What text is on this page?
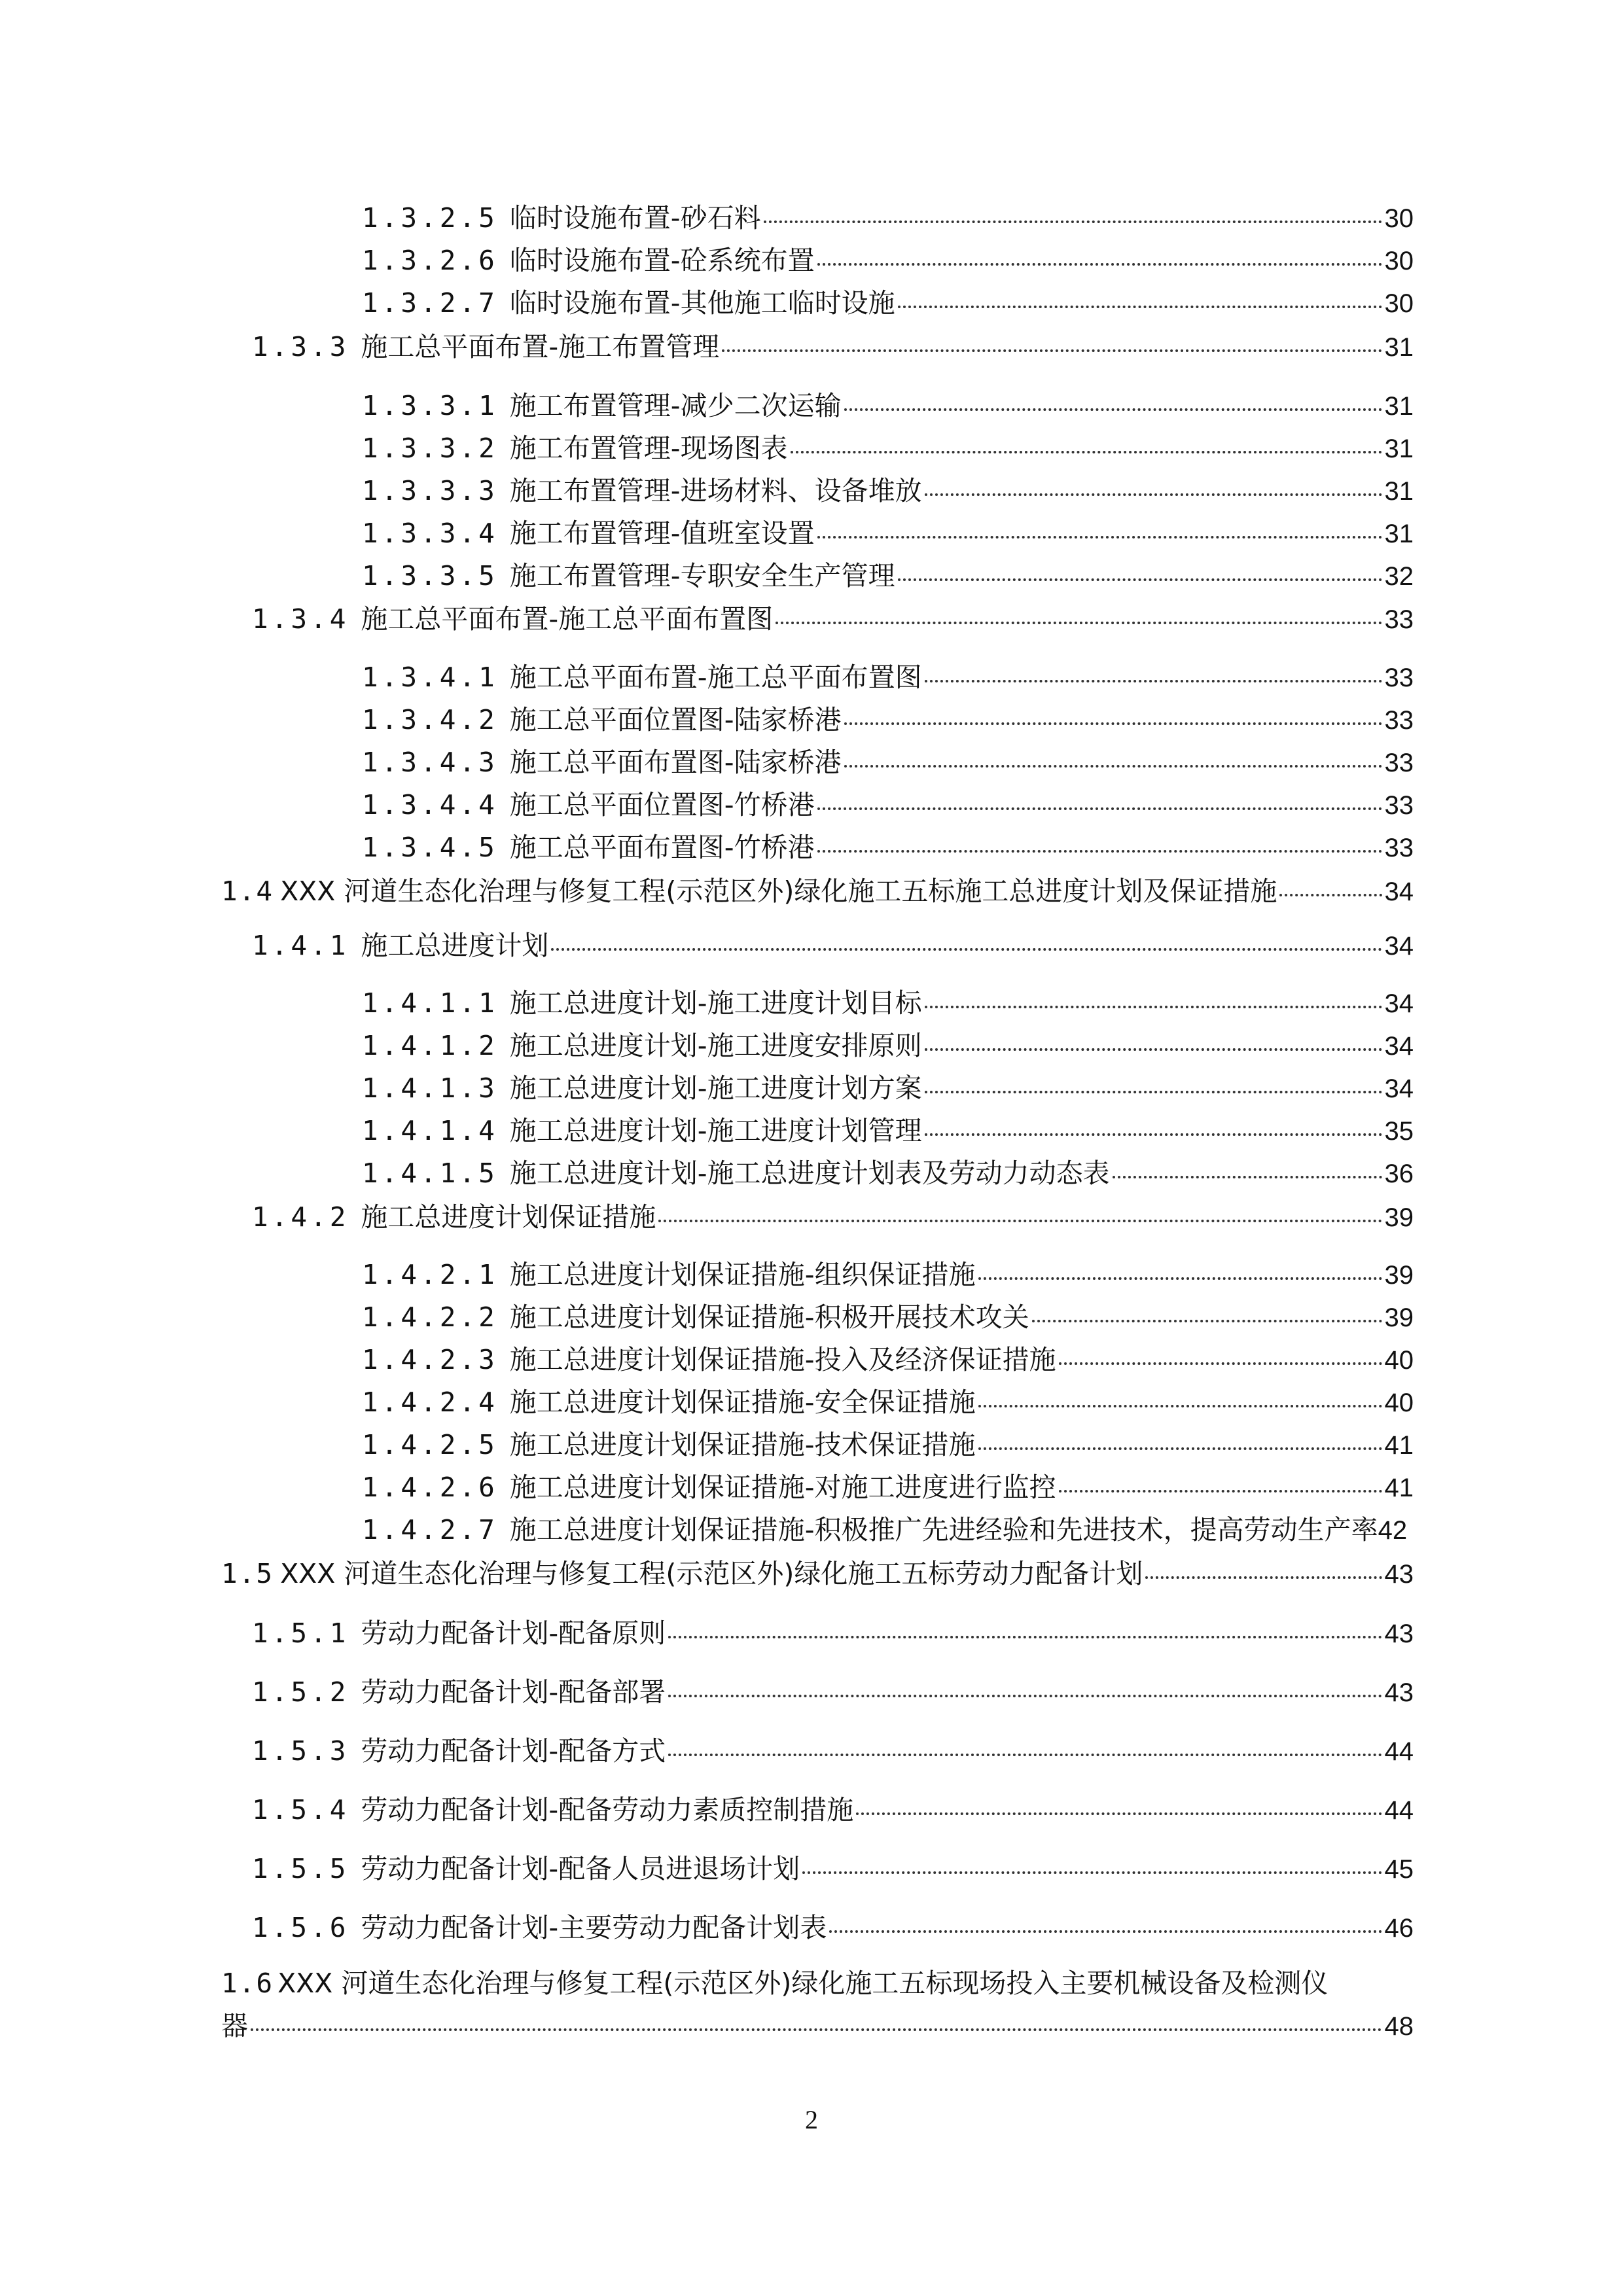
1.3.2.5 临时设施布置-砂石料	30
1.3.2.6 临时设施布置-砼系统布置	30
1.3.2.7 临时设施布置-其他施工临时设施	30
1.3.3 施工总平面布置-施工布置管理	31
1.3.3.1 施工布置管理-减少二次运输	31
1.3.3.2 施工布置管理-现场图表	31
1.3.3.3 施工布置管理-进场材料、设备堆放	31
1.3.3.4 施工布置管理-值班室设置	31
1.3.3.5 施工布置管理-专职安全生产管理	32
1.3.4 施工总平面布置-施工总平面布置图	33
1.3.4.1 施工总平面布置-施工总平面布置图	33
1.3.4.2 施工总平面位置图-陆家桥港	33
1.3.4.3 施工总平面布置图-陆家桥港	33
1.3.4.4 施工总平面位置图-竹桥港	33
1.3.4.5 施工总平面布置图-竹桥港	33
1.4 XXX 河道生态化治理与修复工程(示范区外)绿化施工五标施工总进度计划及保证措施	34
1.4.1 施工总进度计划	34
1.4.1.1 施工总进度计划-施工进度计划目标	34
1.4.1.2 施工总进度计划-施工进度安排原则	34
1.4.1.3 施工总进度计划-施工进度计划方案	34
1.4.1.4 施工总进度计划-施工进度计划管理	35
1.4.1.5 施工总进度计划-施工总进度计划表及劳动力动态表	36
1.4.2 施工总进度计划保证措施	39
1.4.2.1 施工总进度计划保证措施-组织保证措施	39
1.4.2.2 施工总进度计划保证措施-积极开展技术攻关	39
1.4.2.3 施工总进度计划保证措施-投入及经济保证措施	40
1.4.2.4 施工总进度计划保证措施-安全保证措施	40
1.4.2.5 施工总进度计划保证措施-技术保证措施	41
1.4.2.6 施工总进度计划保证措施-对施工进度进行监控	41
1.4.2.7 施工总进度计划保证措施-积极推广先进经验和先进技术，提高劳动生产率 42
1.5 XXX 河道生态化治理与修复工程(示范区外)绿化施工五标劳动力配备计划	43
1.5.1 劳动力配备计划-配备原则	43
1.5.2 劳动力配备计划-配备部署	43
1.5.3 劳动力配备计划-配备方式	44
1.5.4 劳动力配备计划-配备劳动力素质控制措施	44
1.5.5 劳动力配备计划-配备人员进退场计划	45
1.5.6 劳动力配备计划-主要劳动力配备计划表	46
1.6 XXX 河道生态化治理与修复工程(示范区外)绿化施工五标现场投入主要机械设备及检测仪
器	48
2
